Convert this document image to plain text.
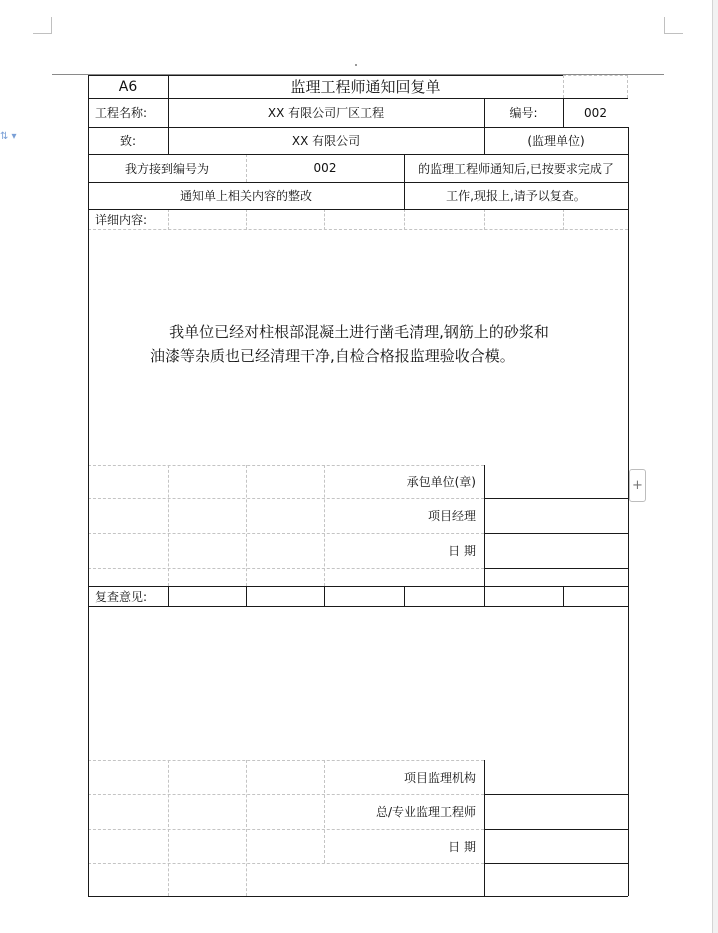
A6	监理工程师通知回复单
工程名称:	XX 有限公司厂区工程	编号:	002
致:	XX 有限公司	(监理单位)
我方接到编号为	002	的监理工程师通知后,已按要求完成了
通知单上相关内容的整改	工作,现报上,请予以复查。
详细内容:
我单位已经对柱根部混凝土进行凿毛清理,钢筋上的砂浆和
油漆等杂质也已经清理干净,自检合格报监理验收合模。
承包单位(章)
项目经理
日 期
复查意见:
项目监理机构
总/专业监理工程师
日 期
⇅ ▾
+
